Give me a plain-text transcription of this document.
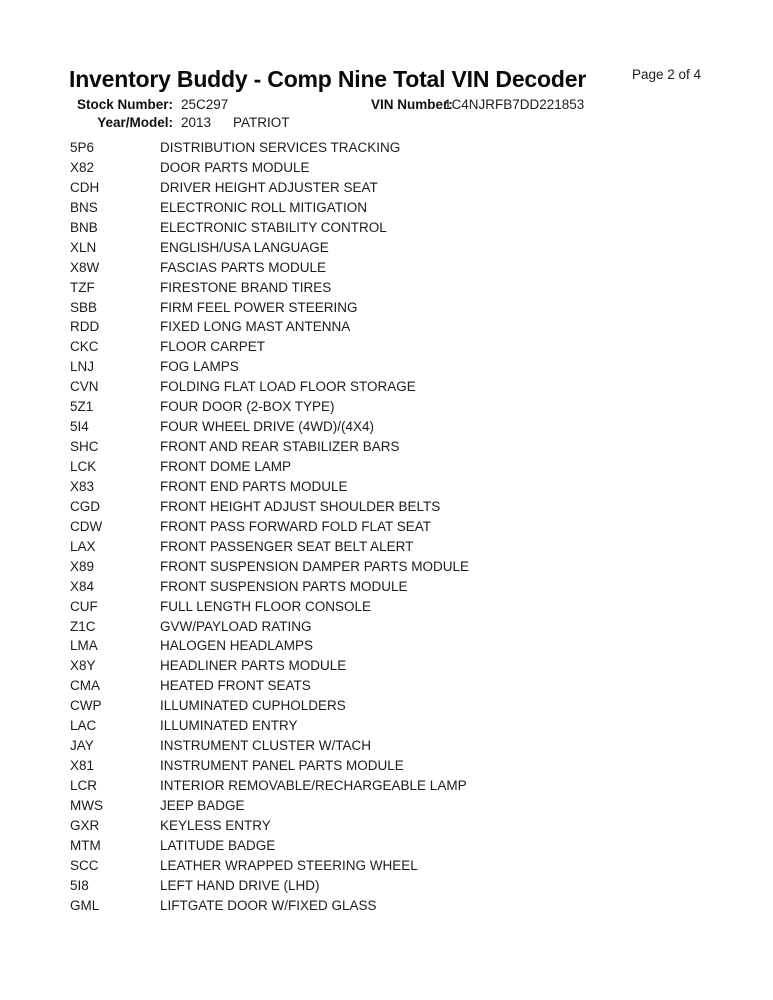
Inventory Buddy - Comp Nine Total VIN Decoder	Page 2 of 4
Stock Number: 25C297	VIN Number:
1C4NJRFB7DD221853
Year/Model: 2013 PATRIOT
5P6	DISTRIBUTION SERVICES TRACKING
X82	DOOR PARTS MODULE
CDH	DRIVER HEIGHT ADJUSTER SEAT
BNS	ELECTRONIC ROLL MITIGATION
BNB	ELECTRONIC STABILITY CONTROL
XLN	ENGLISH/USA LANGUAGE
X8W	FASCIAS PARTS MODULE
TZF	FIRESTONE BRAND TIRES
SBB	FIRM FEEL POWER STEERING
RDD	FIXED LONG MAST ANTENNA
CKC	FLOOR CARPET
LNJ	FOG LAMPS
CVN	FOLDING FLAT LOAD FLOOR STORAGE
5Z1	FOUR DOOR (2-BOX TYPE)
5I4	FOUR WHEEL DRIVE (4WD)/(4X4)
SHC	FRONT AND REAR STABILIZER BARS
LCK	FRONT DOME LAMP
X83	FRONT END PARTS MODULE
CGD	FRONT HEIGHT ADJUST SHOULDER BELTS
CDW	FRONT PASS FORWARD FOLD FLAT SEAT
LAX	FRONT PASSENGER SEAT BELT ALERT
X89	FRONT SUSPENSION DAMPER PARTS MODULE
X84	FRONT SUSPENSION PARTS MODULE
CUF	FULL LENGTH FLOOR CONSOLE
Z1C	GVW/PAYLOAD RATING
LMA	HALOGEN HEADLAMPS
X8Y	HEADLINER PARTS MODULE
CMA	HEATED FRONT SEATS
CWP	ILLUMINATED CUPHOLDERS
LAC	ILLUMINATED ENTRY
JAY	INSTRUMENT CLUSTER W/TACH
X81	INSTRUMENT PANEL PARTS MODULE
LCR	INTERIOR REMOVABLE/RECHARGEABLE LAMP
MWS	JEEP BADGE
GXR	KEYLESS ENTRY
MTM	LATITUDE BADGE
SCC	LEATHER WRAPPED STEERING WHEEL
5I8	LEFT HAND DRIVE (LHD)
GML	LIFTGATE DOOR W/FIXED GLASS
